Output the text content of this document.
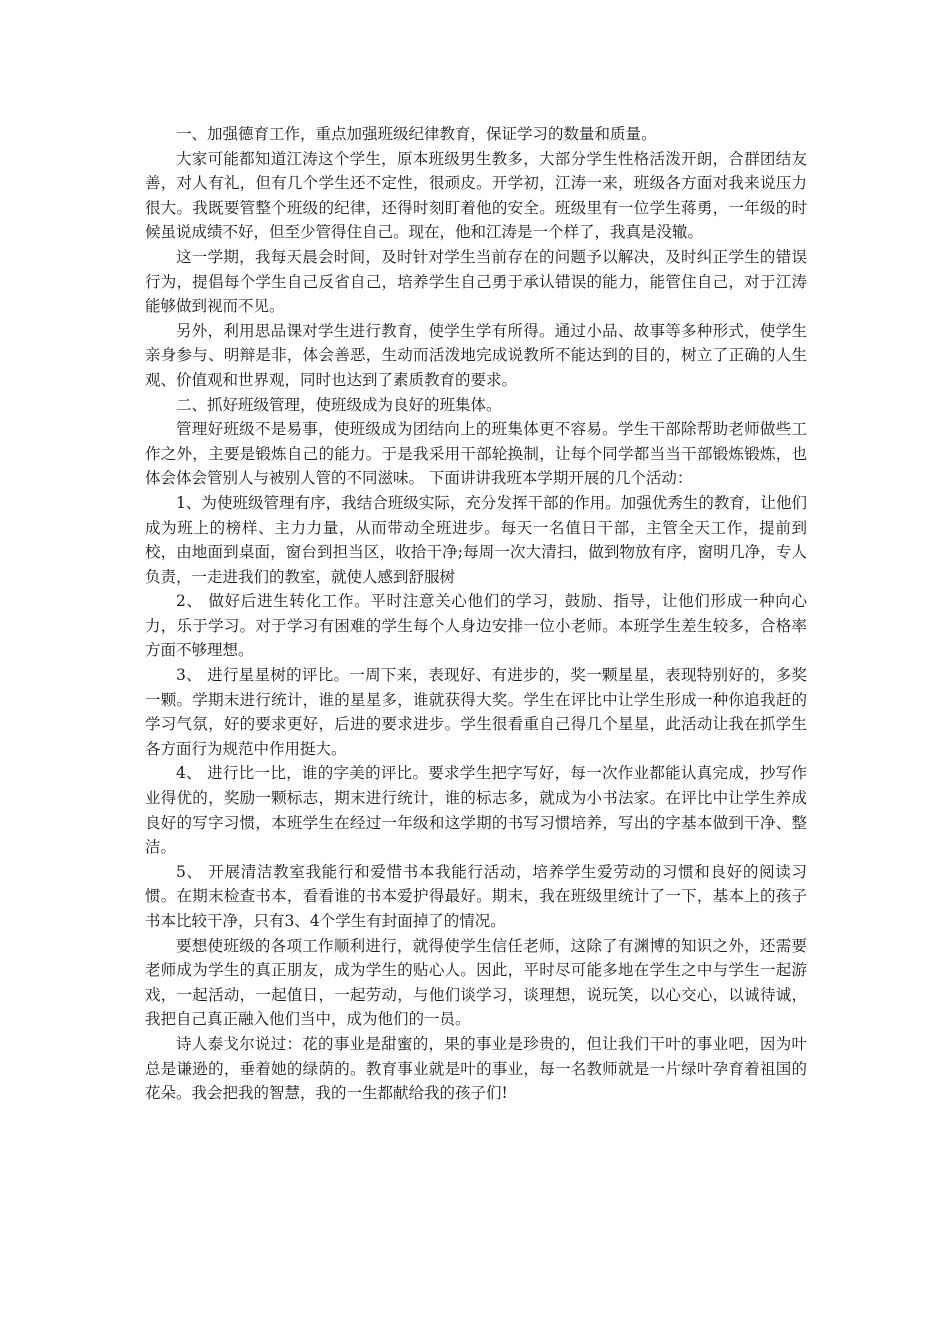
一、加强德育工作，重点加强班级纪律教育，保证学习的数量和质量。

大家可能都知道江涛这个学生，原本班级男生教多，大部分学生性格活泼开朗，合群团结友善，对人有礼，但有几个学生还不定性，很顽皮。开学初，江涛一来，班级各方面对我来说压力很大。我既要管整个班级的纪律，还得时刻盯着他的安全。班级里有一位学生蒋勇，一年级的时候虽说成绩不好，但至少管得住自己。现在，他和江涛是一个样了，我真是没辙。

这一学期，我每天晨会时间，及时针对学生当前存在的问题予以解决，及时纠正学生的错误行为，提倡每个学生自己反省自己，培养学生自己勇于承认错误的能力，能管住自己，对于江涛能够做到视而不见。

另外，利用思品课对学生进行教育，使学生学有所得。通过小品、故事等多种形式，使学生亲身参与、明辩是非，体会善恶，生动而活泼地完成说教所不能达到的目的，树立了正确的人生观、价值观和世界观，同时也达到了素质教育的要求。

二、抓好班级管理，使班级成为良好的班集体。

管理好班级不是易事，使班级成为团结向上的班集体更不容易。学生干部除帮助老师做些工作之外，主要是锻炼自己的能力。于是我采用干部轮换制，让每个同学都当当干部锻炼锻炼，也体会体会管别人与被别人管的不同滋味。 下面讲讲我班本学期开展的几个活动：

1、为使班级管理有序，我结合班级实际，充分发挥干部的作用。加强优秀生的教育，让他们成为班上的榜样、主力力量，从而带动全班进步。每天一名值日干部，主管全天工作，提前到校，由地面到桌面，窗台到担当区，收拾干净;每周一次大清扫，做到物放有序，窗明几净，专人负责，一走进我们的教室，就使人感到舒服树

2、 做好后进生转化工作。平时注意关心他们的学习，鼓励、指导，让他们形成一种向心力，乐于学习。对于学习有困难的学生每个人身边安排一位小老师。本班学生差生较多，合格率方面不够理想。

3、 进行星星树的评比。一周下来，表现好、有进步的，奖一颗星星，表现特别好的，多奖一颗。学期末进行统计，谁的星星多，谁就获得大奖。学生在评比中让学生形成一种你追我赶的学习气氛，好的要求更好，后进的要求进步。学生很看重自己得几个星星，此活动让我在抓学生各方面行为规范中作用挺大。

4、 进行比一比，谁的字美的评比。要求学生把字写好，每一次作业都能认真完成，抄写作业得优的，奖励一颗标志，期末进行统计，谁的标志多，就成为小书法家。在评比中让学生养成良好的写字习惯，本班学生在经过一年级和这学期的书写习惯培养，写出的字基本做到干净、整洁。

5、 开展清洁教室我能行和爱惜书本我能行活动，培养学生爱劳动的习惯和良好的阅读习惯。在期末检查书本，看看谁的书本爱护得最好。期末，我在班级里统计了一下，基本上的孩子书本比较干净，只有3、4个学生有封面掉了的情况。

要想使班级的各项工作顺利进行，就得使学生信任老师，这除了有渊博的知识之外，还需要老师成为学生的真正朋友，成为学生的贴心人。因此，平时尽可能多地在学生之中与学生一起游戏，一起活动，一起值日，一起劳动，与他们谈学习，谈理想，说玩笑，以心交心，以诚待诚，我把自己真正融入他们当中，成为他们的一员。

诗人泰戈尔说过：花的事业是甜蜜的，果的事业是珍贵的，但让我们干叶的事业吧，因为叶总是谦逊的，垂着她的绿荫的。教育事业就是叶的事业，每一名教师就是一片绿叶孕育着祖国的花朵。我会把我的智慧，我的一生都献给我的孩子们!
